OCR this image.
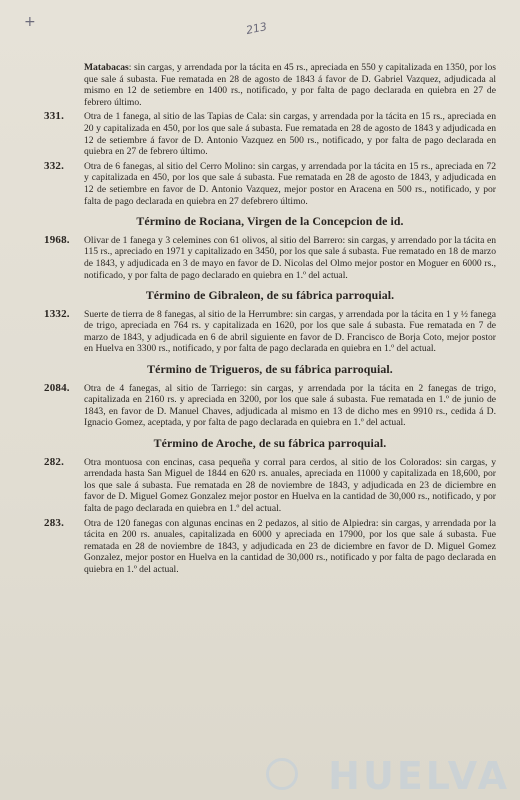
+	213
Matabacas: sin cargas, y arrendada por la tácita en 45 rs., apreciada en 550 y capitalizada en 1350, por los que sale á subasta. Fue rematada en 28 de agosto de 1843 á favor de D. Gabriel Vazquez, adjudicada al mismo en 12 de setiembre en 1400 rs., notificado, y por falta de pago declarada en quiebra en 27 de febrero último.
331. Otra de 1 fanega, al sitio de las Tapias de Cala: sin cargas, y arrendada por la tácita en 15 rs., apreciada en 20 y capitalizada en 450, por los que sale á subasta. Fue rematada en 28 de agosto de 1843 y adjudicada en 12 de setiembre á favor de D. Antonio Vazquez en 500 rs., notificado, y por falta de pago declarada en quiebra en 27 de febrero último.
332. Otra de 6 fanegas, al sitio del Cerro Molino: sin cargas, y arrendada por la tácita en 15 rs., apreciada en 72 y capitalizada en 450, por los que sale á subasta. Fue rematada en 28 de agosto de 1843, y adjudicada en 12 de setiembre en favor de D. Antonio Vazquez, mejor postor en Aracena en 500 rs., notificado, y por falta de pago declarada en quiebra en 27 defebrero último.
Término de Rociana, Virgen de la Concepcion de id.
1968. Olivar de 1 fanega y 3 celemines con 61 olivos, al sitio del Barrero: sin cargas, y arrendado por la tácita en 115 rs., apreciado en 1971 y capitalizado en 3450, por los que sale á subasta. Fue rematado en 18 de marzo de 1843, y adjudicada en 3 de mayo en favor de D. Nicolas del Olmo mejor postor en Moguer en 6000 rs., notificado, y por falta de pago declarado en quiebra en 1.º del actual.
Término de Gibraleon, de su fábrica parroquial.
1332. Suerte de tierra de 8 fanegas, al sitio de la Herrumbre: sin cargas, y arrendada por la tácita en 1 y ½ fanega de trigo, apreciada en 764 rs. y capitalizada en 1620, por los que sale á subasta. Fue rematada en 7 de marzo de 1843, y adjudicada en 6 de abril siguiente en favor de D. Francisco de Borja Coto, mejor postor en Huelva en 3300 rs., notificado, y por falta de pago declarada en quiebra en 1.º del actual.
Término de Trigueros, de su fábrica parroquial.
2084. Otra de 4 fanegas, al sitio de Tarriego: sin cargas, y arrendada por la tácita en 2 fanegas de trigo, capitalizada en 2160 rs. y apreciada en 3200, por los que sale á subasta. Fue rematada en 1.º de junio de 1843, en favor de D. Manuel Chaves, adjudicada al mismo en 13 de dicho mes en 9910 rs., cedida á D. Ignacio Gomez, aceptada, y por falta de pago declarada en quiebra en 1.º del actual.
Término de Aroche, de su fábrica parroquial.
282. Otra montuosa con encinas, casa pequeña y corral para cerdos, al sitio de los Colorados: sin cargas, y arrendada hasta San Miguel de 1844 en 620 rs. anuales, apreciada en 11000 y capitalizada en 18,600, por los que sale á subasta. Fue rematada en 28 de noviembre de 1843, y adjudicada en 23 de diciembre en favor de D. Miguel Gomez Gonzalez mejor postor en Huelva en la cantidad de 30,000 rs., notificado, y por falta de pago declarada en quiebra en 1.º del actual.
283. Otra de 120 fanegas con algunas encinas en 2 pedazos, al sitio de Alpiedra: sin cargas, y arrendada por la tácita en 200 rs. anuales, capitalizada en 6000 y apreciada en 17900, por los que sale á subasta. Fue rematada en 28 de noviembre de 1843, y adjudicada en 23 de diciembre en favor de D. Miguel Gomez Gonzalez, mejor postor en Huelva en la cantidad de 30,000 rs., notificado y por falta de pago declarada en quiebra en 1.º del actual.
HUELVA
